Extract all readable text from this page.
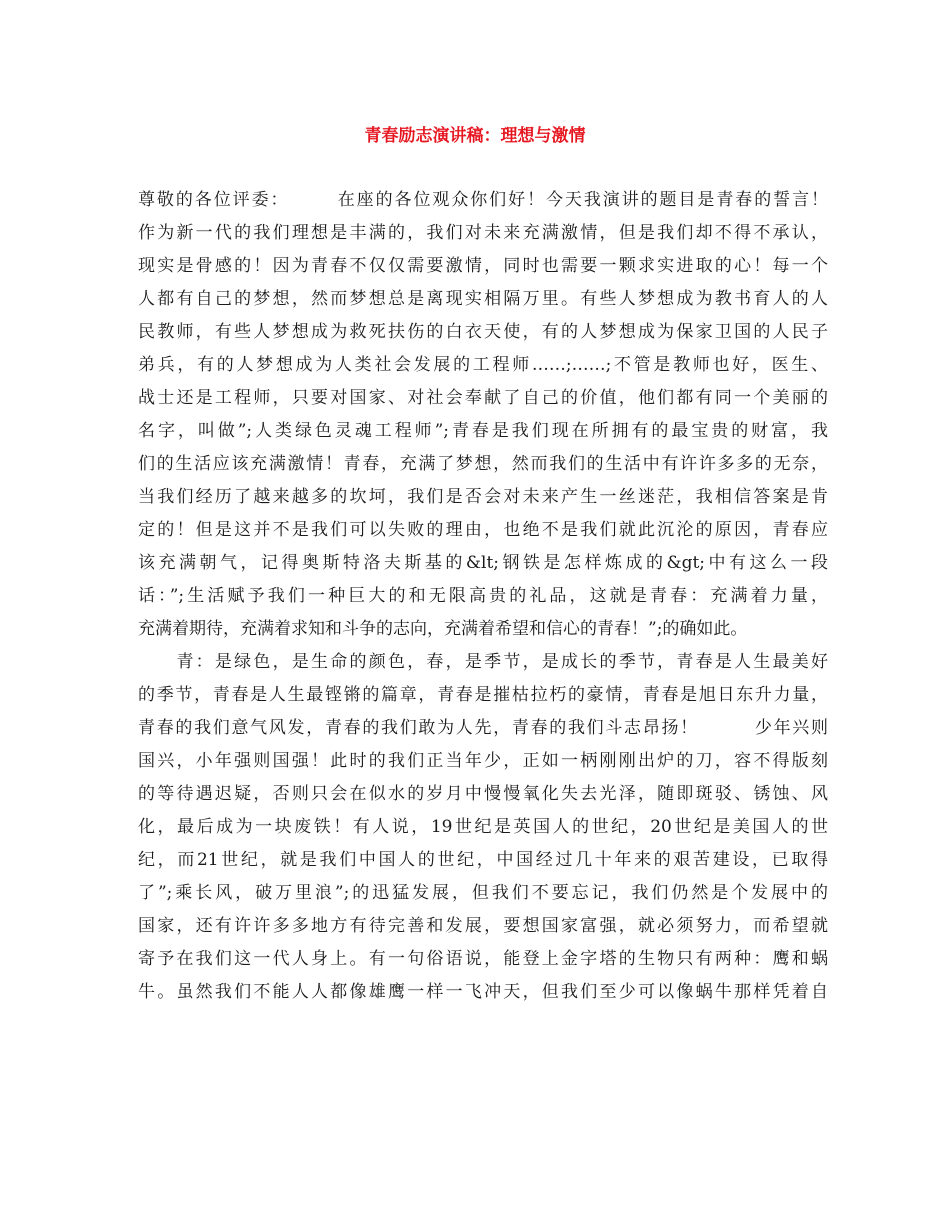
青春励志演讲稿：理想与激情
尊敬的各位评委：　　　在座的各位观众你们好！今天我演讲的题目是青春的誓言！
作为新一代的我们理想是丰满的，我们对未来充满激情，但是我们却不得不承认，
现实是骨感的！因为青春不仅仅需要激情，同时也需要一颗求实进取的心！每一个
人都有自己的梦想，然而梦想总是离现实相隔万里。有些人梦想成为教书育人的人
民教师，有些人梦想成为救死扶伤的白衣天使，有的人梦想成为保家卫国的人民子
弟兵，有的人梦想成为人类社会发展的工程师……;……;不管是教师也好，医生、
战士还是工程师，只要对国家、对社会奉献了自己的价值，他们都有同一个美丽的
名字，叫做”;人类绿色灵魂工程师”;青春是我们现在所拥有的最宝贵的财富，我
们的生活应该充满激情！青春，充满了梦想，然而我们的生活中有许许多多的无奈，
当我们经历了越来越多的坎坷，我们是否会对未来产生一丝迷茫，我相信答案是肯
定的！但是这并不是我们可以失败的理由，也绝不是我们就此沉沦的原因，青春应
该充满朝气，记得奥斯特洛夫斯基的&lt;钢铁是怎样炼成的&gt;中有这么一段
话：”;生活赋予我们一种巨大的和无限高贵的礼品，这就是青春：充满着力量，
充满着期待，充满着求知和斗争的志向，充满着希望和信心的青春！”;的确如此。
　　青：是绿色，是生命的颜色，春，是季节，是成长的季节，青春是人生最美好
的季节，青春是人生最铿锵的篇章，青春是摧枯拉朽的豪情，青春是旭日东升力量，
青春的我们意气风发，青春的我们敢为人先，青春的我们斗志昂扬！　　　少年兴则
国兴，小年强则国强！此时的我们正当年少，正如一柄刚刚出炉的刀，容不得版刻
的等待遇迟疑，否则只会在似水的岁月中慢慢氧化失去光泽，随即斑驳、锈蚀、风
化，最后成为一块废铁！有人说，19世纪是英国人的世纪，20世纪是美国人的世
纪，而21世纪，就是我们中国人的世纪，中国经过几十年来的艰苦建设，已取得
了”;乘长风，破万里浪”;的迅猛发展，但我们不要忘记，我们仍然是个发展中的
国家，还有许许多多地方有待完善和发展，要想国家富强，就必须努力，而希望就
寄予在我们这一代人身上。有一句俗语说，能登上金字塔的生物只有两种：鹰和蜗
牛。虽然我们不能人人都像雄鹰一样一飞冲天，但我们至少可以像蜗牛那样凭着自
